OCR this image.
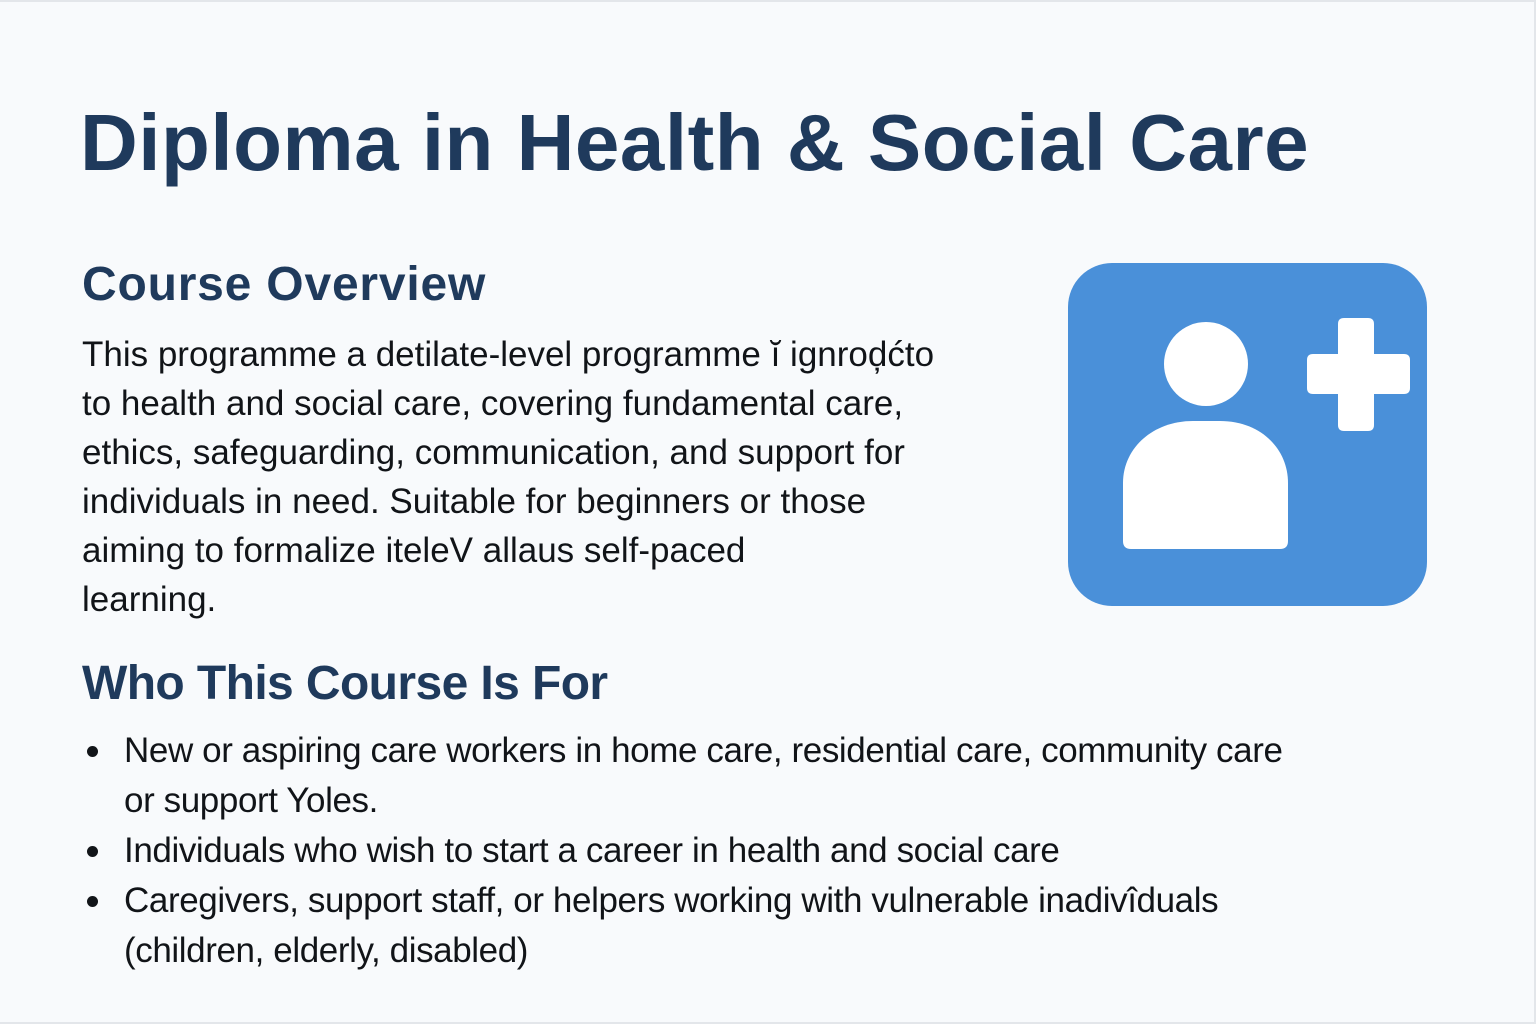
Diploma in Health & Social Care
Course Overview

This programme a detilate-level programme ĭ ignroḑćto
to health and social care, covering fundamental care,
ethics, safeguarding, communication, and support for
individuals in need. Suitable for beginners or those
aiming to formalize iteleV allaus self-paced
learning.

Who This Course Is For
New or aspiring care workers in home care, residential care, community care
or support Yoles.
Individuals who wish to start a career in health and social care
Caregivers, support staff, or helpers working with vulnerable inadivîduals
(children, elderly, disabled)
